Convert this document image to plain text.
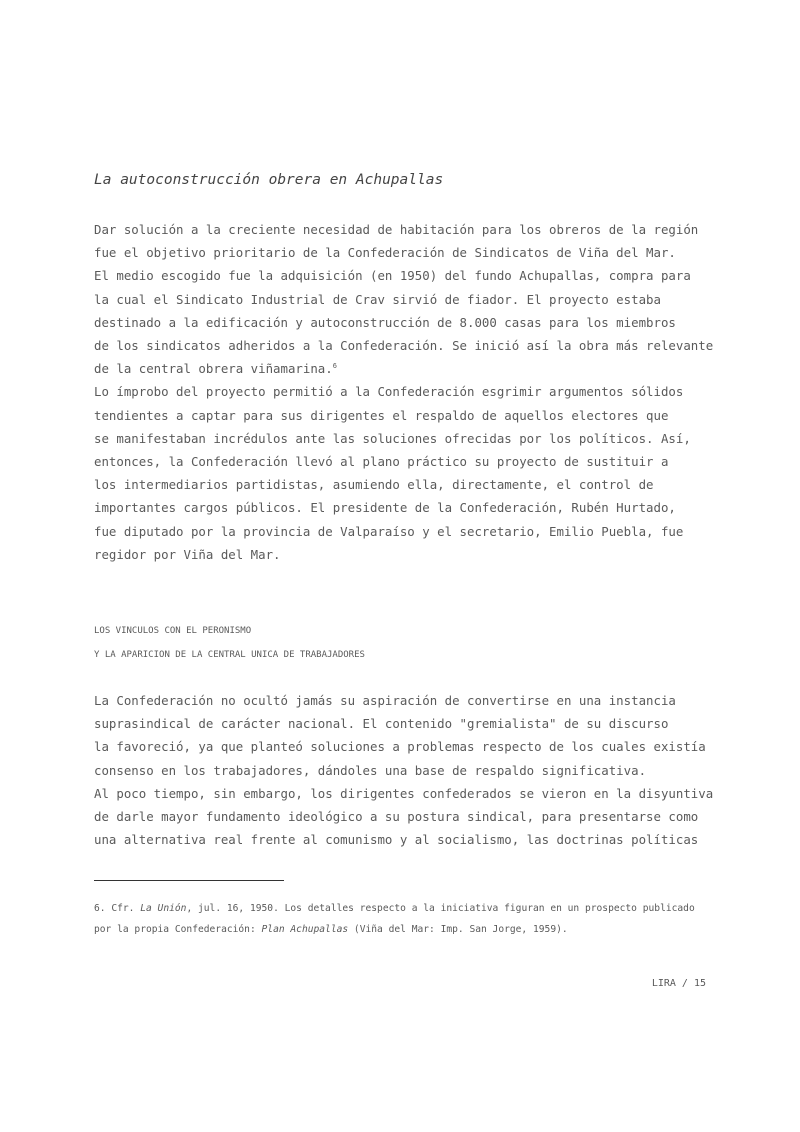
La autoconstrucción obrera en Achupallas

Dar solución a la creciente necesidad de habitación para los obreros de la región
fue el objetivo prioritario de la Confederación de Sindicatos de Viña del Mar.
El medio escogido fue la adquisición (en 1950) del fundo Achupallas, compra para
la cual el Sindicato Industrial de Crav sirvió de fiador. El proyecto estaba
destinado a la edificación y autoconstrucción de 8.000 casas para los miembros
de los sindicatos adheridos a la Confederación. Se inició así la obra más relevante
de la central obrera viñamarina.$^6$
Lo ímprobo del proyecto permitió a la Confederación esgrimir argumentos sólidos
tendientes a captar para sus dirigentes el respaldo de aquellos electores que
se manifestaban incrédulos ante las soluciones ofrecidas por los políticos. Así,
entonces, la Confederación llevó al plano práctico su proyecto de sustituir a
los intermediarios partidistas, asumiendo ella, directamente, el control de
importantes cargos públicos. El presidente de la Confederación, Rubén Hurtado,
fue diputado por la provincia de Valparaíso y el secretario, Emilio Puebla, fue
regidor por Viña del Mar.

LOS VINCULOS CON EL PERONISMO
Y LA APARICION DE LA CENTRAL UNICA DE TRABAJADORES

La Confederación no ocultó jamás su aspiración de convertirse en una instancia
suprasindical de carácter nacional. El contenido "gremialista" de su discurso
la favoreció, ya que planteó soluciones a problemas respecto de los cuales existía
consenso en los trabajadores, dándoles una base de respaldo significativa.
Al poco tiempo, sin embargo, los dirigentes confederados se vieron en la disyuntiva
de darle mayor fundamento ideológico a su postura sindical, para presentarse como
una alternativa real frente al comunismo y al socialismo, las doctrinas políticas

6. Cfr. La Unión, jul. 16, 1950. Los detalles respecto a la iniciativa figuran en un prospecto publicado
por la propia Confederación: Plan Achupallas (Viña del Mar: Imp. San Jorge, 1959).
LIRA / 15
